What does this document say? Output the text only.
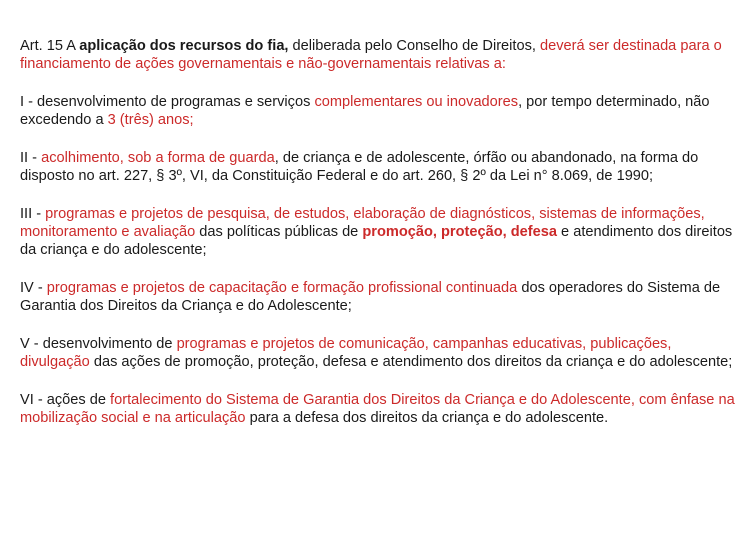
Art. 15 A aplicação dos recursos do fia, deliberada pelo Conselho de Direitos, deverá ser destinada para o financiamento de ações governamentais e não-governamentais relativas a:

I - desenvolvimento de programas e serviços complementares ou inovadores, por tempo determinado, não excedendo a 3 (três) anos;

II - acolhimento, sob a forma de guarda, de criança e de adolescente, órfão ou abandonado, na forma do disposto no art. 227, § 3º, VI, da Constituição Federal e do art. 260, § 2º da Lei n° 8.069, de 1990;

III - programas e projetos de pesquisa, de estudos, elaboração de diagnósticos, sistemas de informações, monitoramento e avaliação das políticas públicas de promoção, proteção, defesa e atendimento dos direitos da criança e do adolescente;

IV - programas e projetos de capacitação e formação profissional continuada dos operadores do Sistema de Garantia dos Direitos da Criança e do Adolescente;

V - desenvolvimento de programas e projetos de comunicação, campanhas educativas, publicações, divulgação das ações de promoção, proteção, defesa e atendimento dos direitos da criança e do adolescente;

VI - ações de fortalecimento do Sistema de Garantia dos Direitos da Criança e do Adolescente, com ênfase na mobilização social e na articulação para a defesa dos direitos da criança e do adolescente.
